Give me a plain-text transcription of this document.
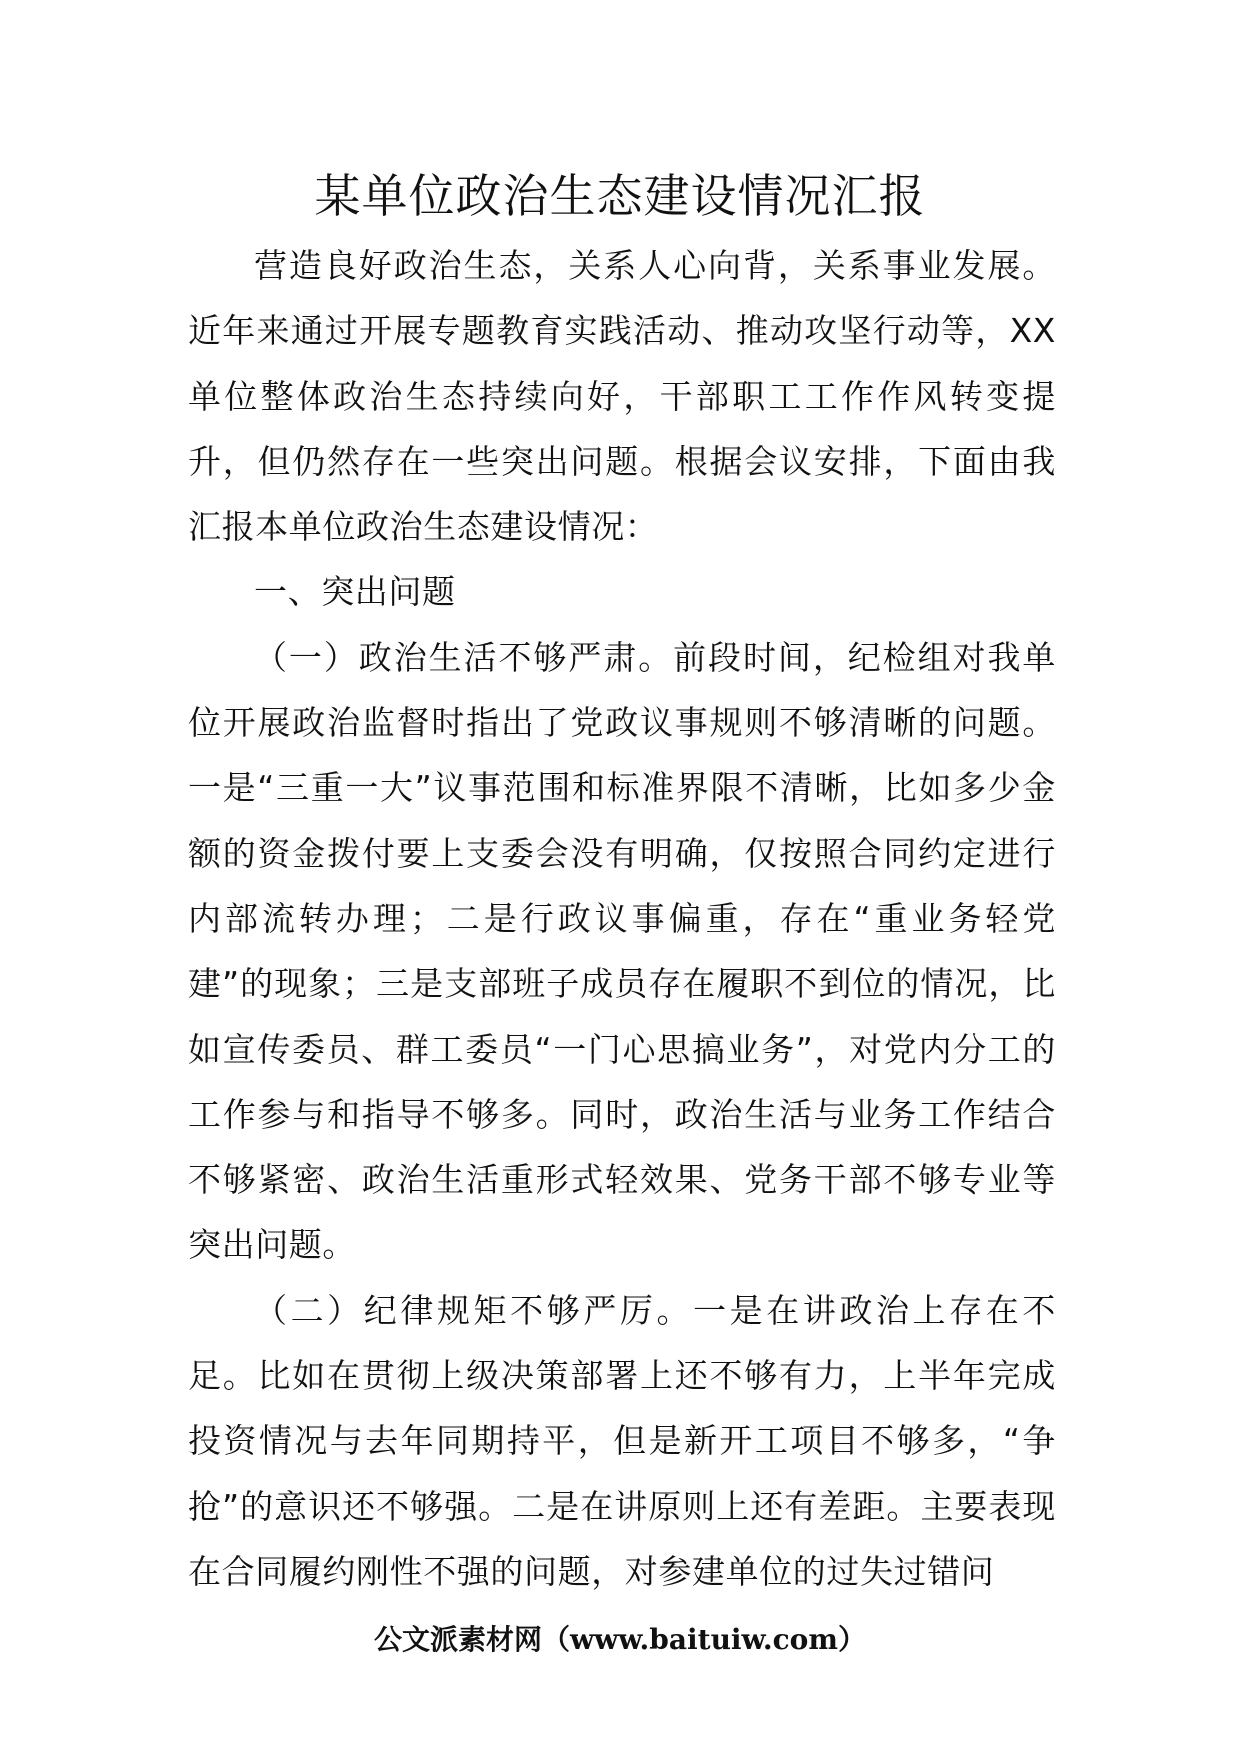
某单位政治生态建设情况汇报

营造良好政治生态，关系人心向背，关系事业发展。近年来通过开展专题教育实践活动、推动攻坚行动等，XX单位整体政治生态持续向好，干部职工工作作风转变提升，但仍然存在一些突出问题。根据会议安排，下面由我汇报本单位政治生态建设情况：

一、突出问题

（一）政治生活不够严肃。前段时间，纪检组对我单位开展政治监督时指出了党政议事规则不够清晰的问题。一是“三重一大”议事范围和标准界限不清晰，比如多少金额的资金拨付要上支委会没有明确，仅按照合同约定进行内部流转办理；二是行政议事偏重，存在“重业务轻党建”的现象；三是支部班子成员存在履职不到位的情况，比如宣传委员、群工委员“一门心思搞业务”，对党内分工的工作参与和指导不够多。同时，政治生活与业务工作结合不够紧密、政治生活重形式轻效果、党务干部不够专业等突出问题。

（二）纪律规矩不够严厉。一是在讲政治上存在不足。比如在贯彻上级决策部署上还不够有力，上半年完成投资情况与去年同期持平，但是新开工项目不够多，“争抢”的意识还不够强。二是在讲原则上还有差距。主要表现在合同履约刚性不强的问题，对参建单位的过失过错问

公文派素材网（www.baituiw.com）
